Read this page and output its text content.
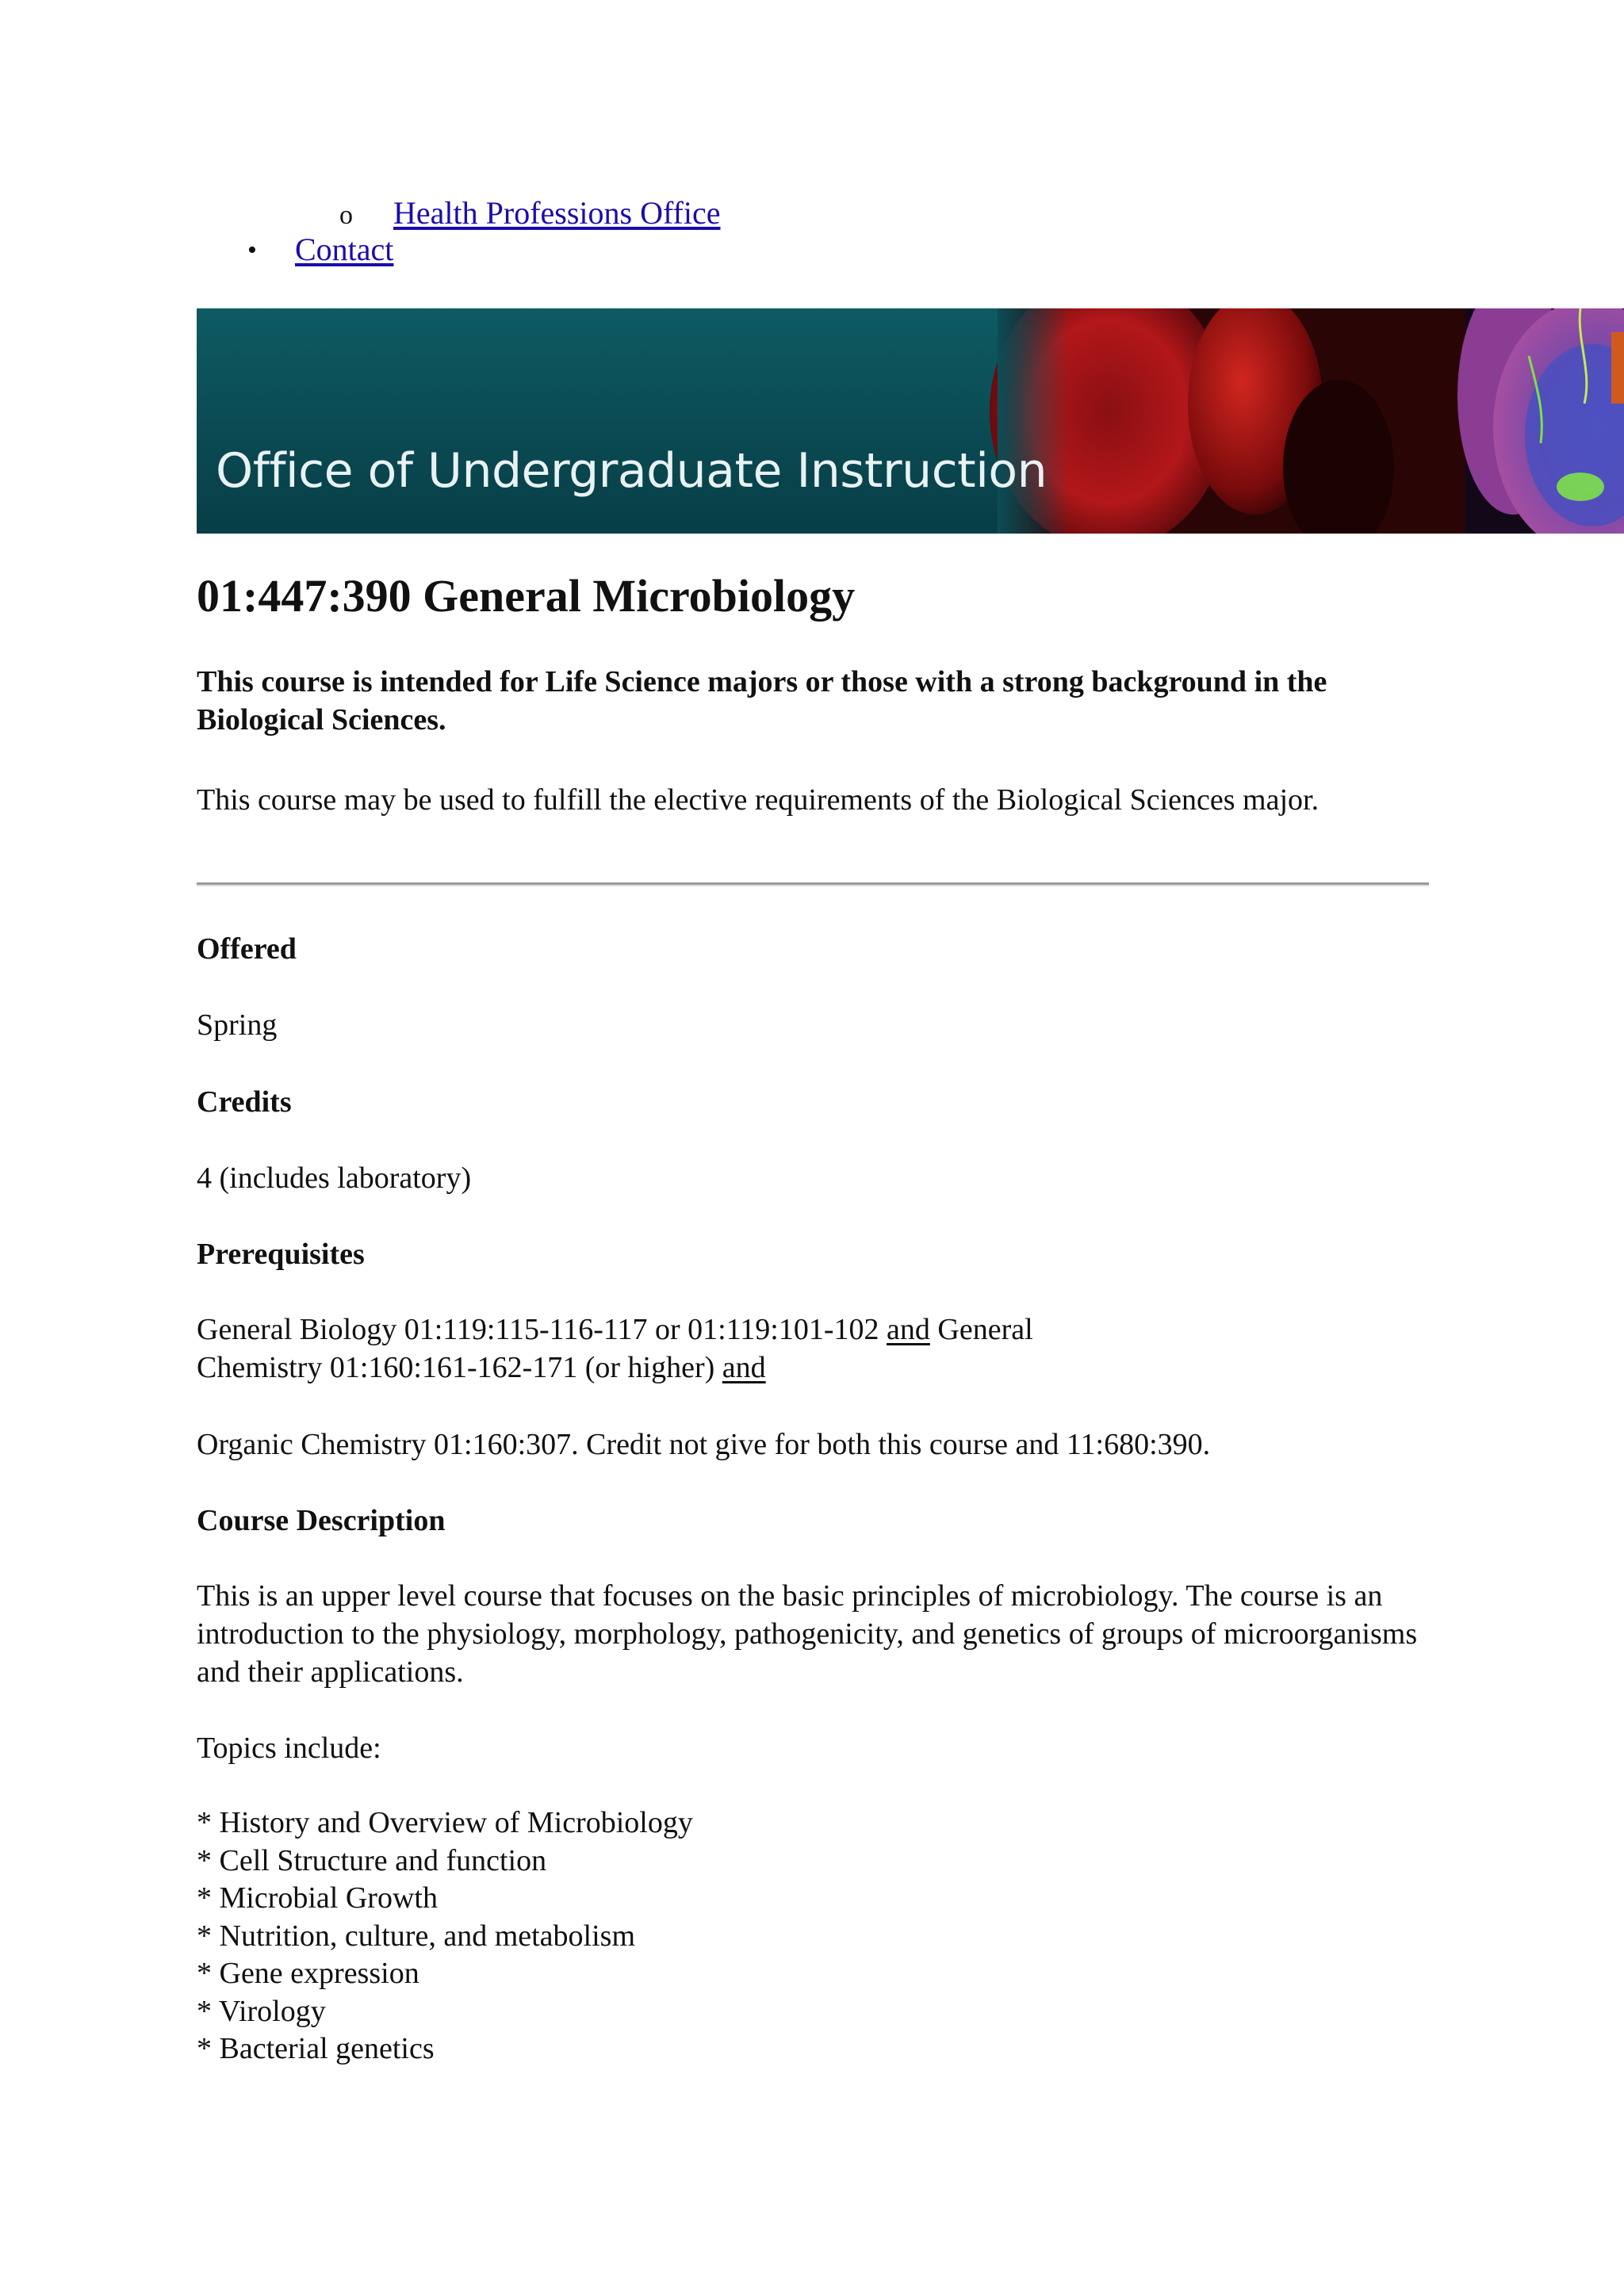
o Health Professions Office
• Contact
Office of Undergraduate Instruction
01:447:390 General Microbiology

This course is intended for Life Science majors or those with a strong background in the Biological Sciences.

This course may be used to fulfill the elective requirements of the Biological Sciences major.

Offered

Spring

Credits

4 (includes laboratory)

Prerequisites

General Biology 01:119:115-116-117 or 01:119:101-102 and General
Chemistry 01:160:161-162-171 (or higher) and

Organic Chemistry 01:160:307. Credit not give for both this course and 11:680:390.

Course Description

This is an upper level course that focuses on the basic principles of microbiology. The course is an introduction to the physiology, morphology, pathogenicity, and genetics of groups of microorganisms and their applications.

Topics include:

* History and Overview of Microbiology
* Cell Structure and function
* Microbial Growth
* Nutrition, culture, and metabolism
* Gene expression
* Virology
* Bacterial genetics
